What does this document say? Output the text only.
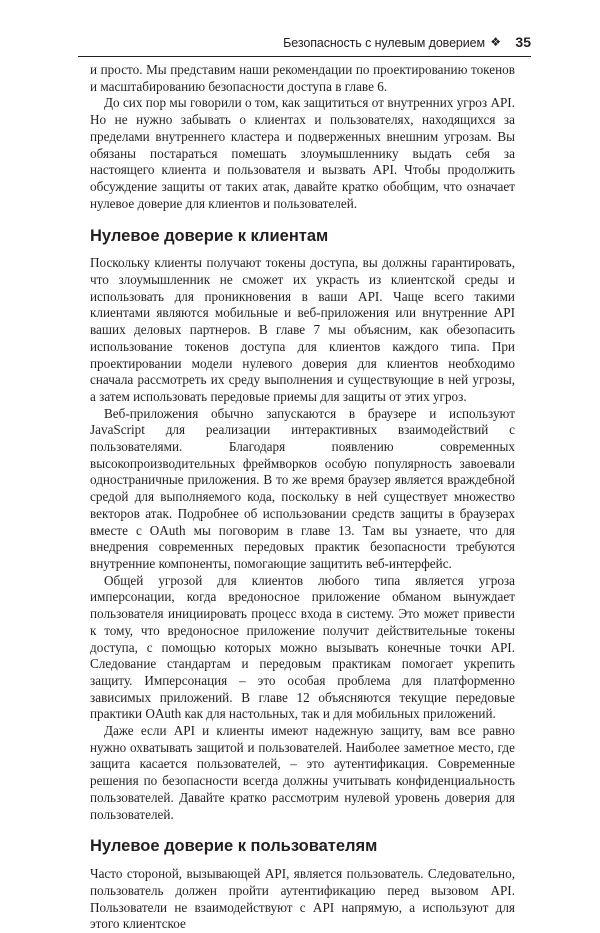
Безопасность с нулевым доверием ❖ 35

и просто. Мы представим наши рекомендации по проектированию токенов и масштабированию безопасности доступа в главе 6.

До сих пор мы говорили о том, как защититься от внутренних угроз API. Но не нужно забывать о клиентах и пользователях, находящихся за пределами внутреннего кластера и подверженных внешним угрозам. Вы обязаны постараться помешать злоумышленнику выдать себя за настоящего клиента и пользователя и вызвать API. Чтобы продолжить обсуждение защиты от таких атак, давайте кратко обобщим, что означает нулевое доверие для клиентов и пользователей.

Нулевое доверие к клиентам

Поскольку клиенты получают токены доступа, вы должны гарантировать, что злоумышленник не сможет их украсть из клиентской среды и использовать для проникновения в ваши API. Чаще всего такими клиентами являются мобильные и веб-приложения или внутренние API ваших деловых партнеров. В главе 7 мы объясним, как обезопасить использование токенов доступа для клиентов каждого типа. При проектировании модели нулевого доверия для клиентов необходимо сначала рассмотреть их среду выполнения и существующие в ней угрозы, а затем использовать передовые приемы для защиты от этих угроз.

Веб-приложения обычно запускаются в браузере и используют JavaScript для реализации интерактивных взаимодействий с пользователями. Благодаря появлению современных высокопроизводительных фреймворков особую популярность завоевали одностраничные приложения. В то же время браузер является враждебной средой для выполняемого кода, поскольку в ней существует множество векторов атак. Подробнее об использовании средств защиты в браузерах вместе с OAuth мы поговорим в главе 13. Там вы узнаете, что для внедрения современных передовых практик безопасности требуются внутренние компоненты, помогающие защитить веб-интерфейс.

Общей угрозой для клиентов любого типа является угроза имперсонации, когда вредоносное приложение обманом вынуждает пользователя инициировать процесс входа в систему. Это может привести к тому, что вредоносное приложение получит действительные токены доступа, с помощью которых можно вызывать конечные точки API. Следование стандартам и передовым практикам помогает укрепить защиту. Имперсонация – это особая проблема для платформенно зависимых приложений. В главе 12 объясняются текущие передовые практики OAuth как для настольных, так и для мобильных приложений.

Даже если API и клиенты имеют надежную защиту, вам все равно нужно охватывать защитой и пользователей. Наиболее заметное место, где защита касается пользователей, – это аутентификация. Современные решения по безопасности всегда должны учитывать конфиденциальность пользователей. Давайте кратко рассмотрим нулевой уровень доверия для пользователей.

Нулевое доверие к пользователям

Часто стороной, вызывающей API, является пользователь. Следовательно, пользователь должен пройти аутентификацию перед вызовом API. Пользователи не взаимодействуют с API напрямую, а используют для этого клиентское
